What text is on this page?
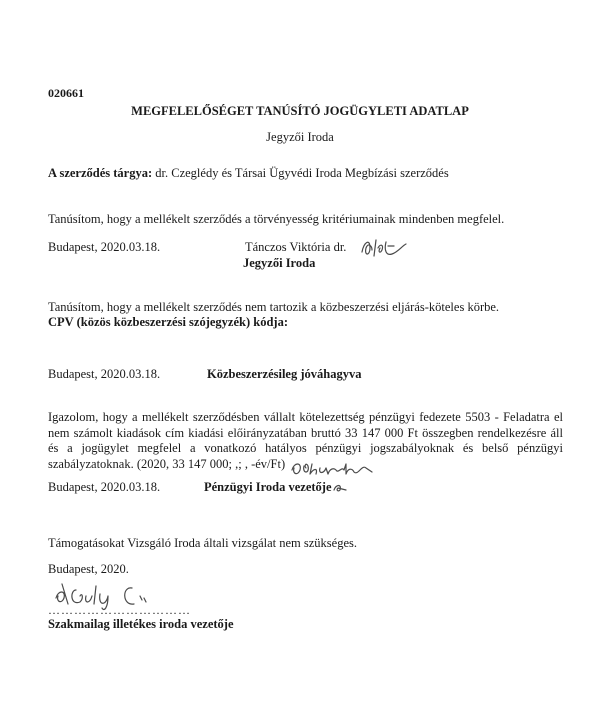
020661
MEGFELELŐSÉGET TANÚSÍTÓ JOGÜGYLETI ADATLAP
Jegyzői Iroda
A szerződés tárgya: dr. Czeglédy és Társai Ügyvédi Iroda Megbízási szerződés
Tanúsítom, hogy a mellékelt szerződés a törvényesség kritériumainak mindenben megfelel.
Budapest, 2020.03.18.	Tánczos Viktória dr.
Jegyzői Iroda
Tanúsítom, hogy a mellékelt szerződés nem tartozik a közbeszerzési eljárás-köteles körbe.
CPV (közös közbeszerzési szójegyzék) kódja:
Budapest, 2020.03.18.	Közbeszerzésileg jóváhagyva
Igazolom, hogy a mellékelt szerződésben vállalt kötelezettség pénzügyi fedezete 5503 - Feladatra el nem számolt kiadások cím kiadási előirányzatában bruttó 33 147 000 Ft összegben rendelkezésre áll és a jogügylet megfelel a vonatkozó hatályos pénzügyi jogszabályoknak és belső pénzügyi szabályzatoknak. (2020, 33 147 000; ,; , -év/Ft)
Budapest, 2020.03.18.	Pénzügyi Iroda vezetője
Támogatásokat Vizsgáló Iroda általi vizsgálat nem szükséges.
Budapest, 2020.
……………………………
Szakmailag illetékes iroda vezetője
